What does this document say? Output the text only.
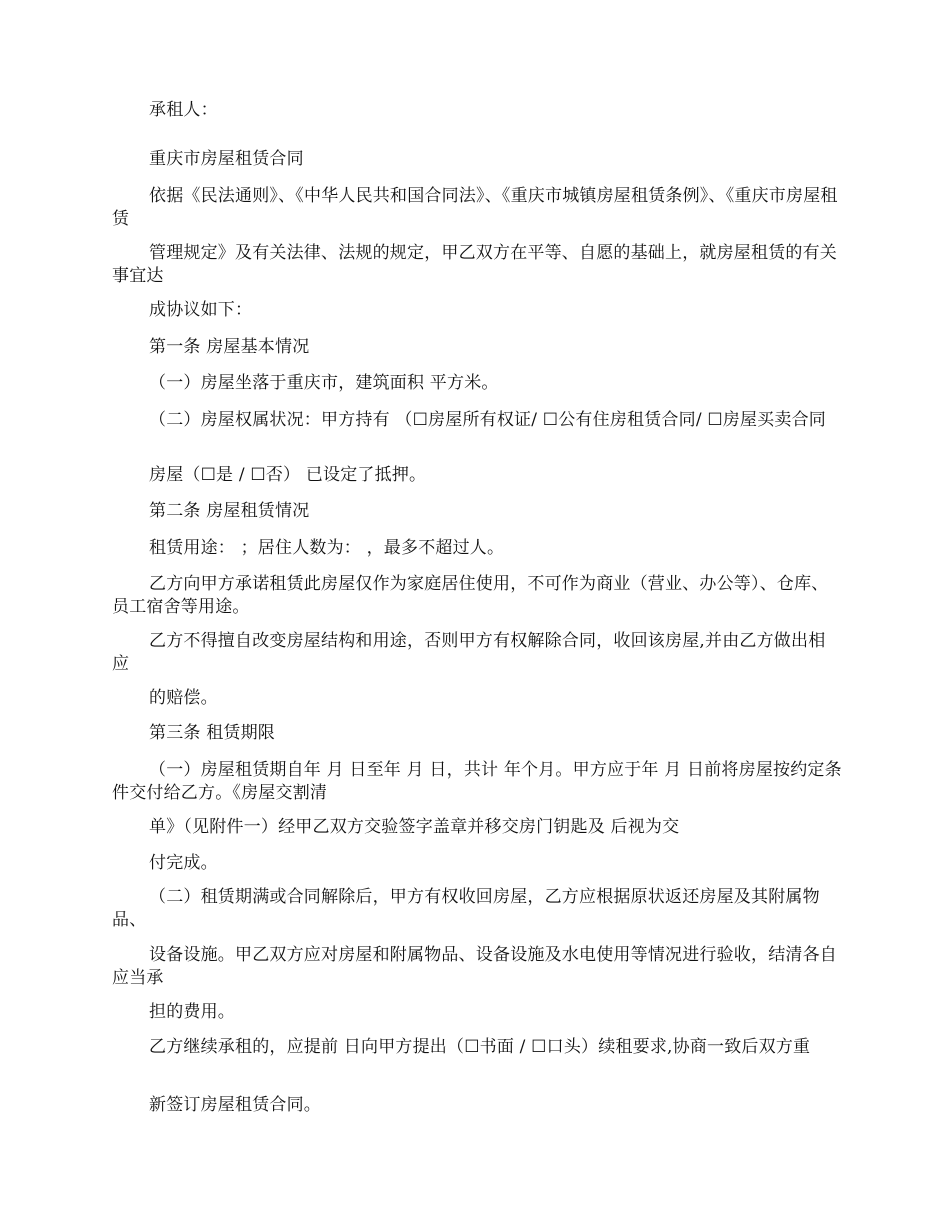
承租人：

重庆市房屋租赁合同

依据《民法通则》、《中华人民共和国合同法》、《重庆市城镇房屋租赁条例》、《重庆市房屋租赁

管理规定》及有关法律、法规的规定，甲乙双方在平等、自愿的基础上，就房屋租赁的有关事宜达

成协议如下：

第一条 房屋基本情况

（一）房屋坐落于重庆市，建筑面积 平方米。

（二）房屋权属状况：甲方持有 （☐房屋所有权证/ ☐公有住房租赁合同/ ☐房屋买卖合同

房屋（☐是 / ☐否） 已设定了抵押。

第二条 房屋租赁情况

租赁用途： ；居住人数为： ，最多不超过人。

乙方向甲方承诺租赁此房屋仅作为家庭居住使用，不可作为商业（营业、办公等）、仓库、员工宿舍等用途。

乙方不得擅自改变房屋结构和用途，否则甲方有权解除合同，收回该房屋,并由乙方做出相应

的赔偿。

第三条 租赁期限

（一）房屋租赁期自年 月 日至年 月 日，共计 年个月。甲方应于年 月 日前将房屋按约定条件交付给乙方。《房屋交割清

单》（见附件一）经甲乙双方交验签字盖章并移交房门钥匙及 后视为交

付完成。

（二）租赁期满或合同解除后，甲方有权收回房屋，乙方应根据原状返还房屋及其附属物品、

设备设施。甲乙双方应对房屋和附属物品、设备设施及水电使用等情况进行验收，结清各自应当承

担的费用。

乙方继续承租的，应提前 日向甲方提出（☐书面 / ☐口头）续租要求,协商一致后双方重

新签订房屋租赁合同。
